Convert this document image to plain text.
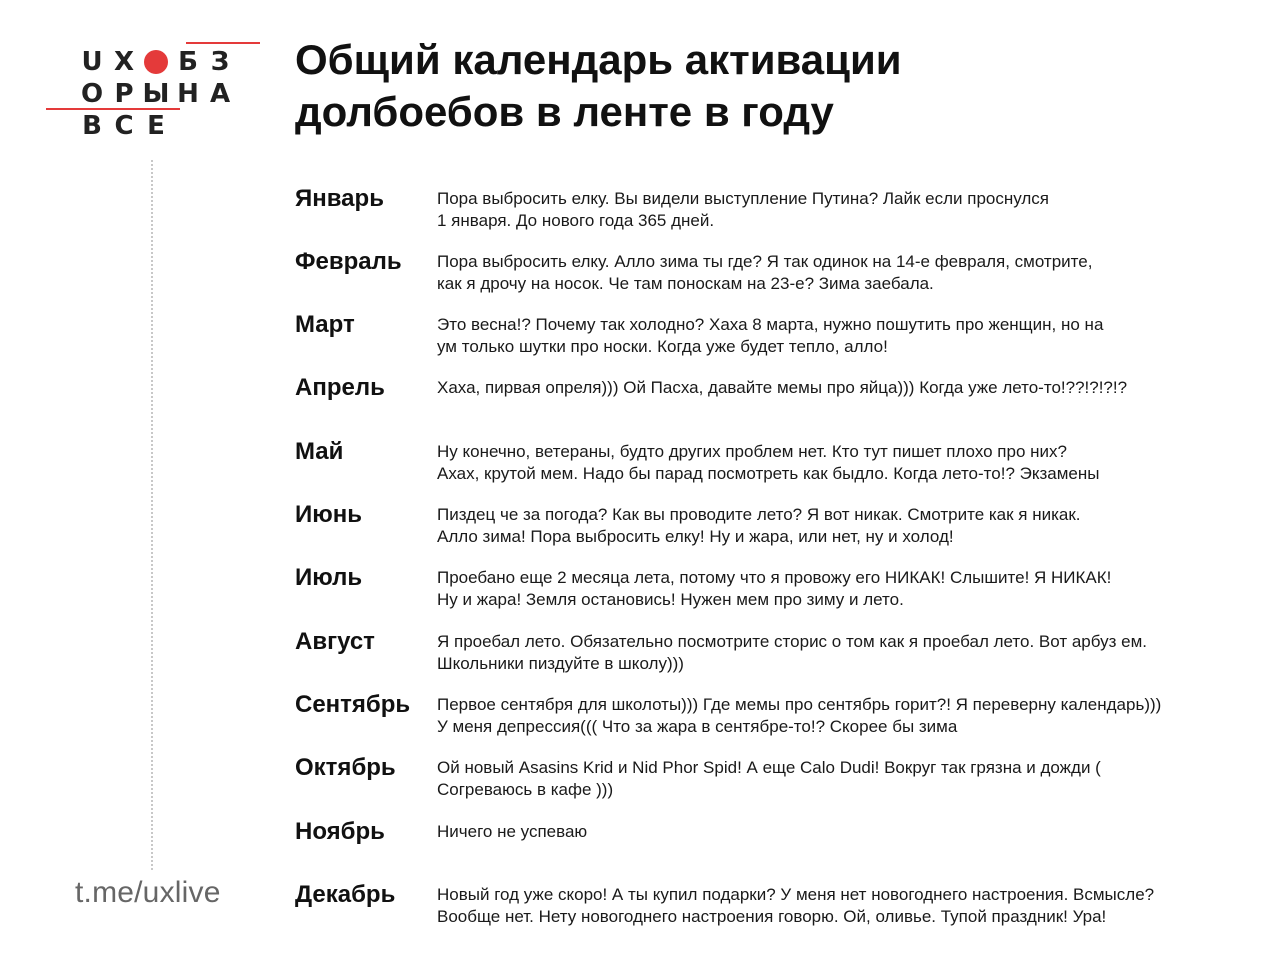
U Х Б З
О Р Ы Н А
В С Е
t.me/uxlive
Общий календарь активации долбоебов в ленте в году
Январь	Пора выбросить елку. Вы видели выступление Путина? Лайк если проснулся
1 января. До нового года 365 дней.
Февраль	Пора выбросить елку. Алло зима ты где? Я так одинок на 14-е февраля, смотрите,
как я дрочу на носок. Че там поноскам на 23-е? Зима заебала.
Март	Это весна!? Почему так холодно? Хаха 8 марта, нужно пошутить про женщин, но на
ум только шутки про носки. Когда уже будет тепло, алло!
Апрель	Хаха, пирвая опреля))) Ой Пасха, давайте мемы про яйца))) Когда уже лето-то!??!?!?!?
Май	Ну конечно, ветераны, будто других проблем нет. Кто тут пишет плохо про них?
Ахах, крутой мем. Надо бы парад посмотреть как быдло. Когда лето-то!? Экзамены
Июнь	Пиздец че за погода? Как вы проводите лето? Я вот никак. Смотрите как я никак.
Алло зима! Пора выбросить елку! Ну и жара, или нет, ну и холод!
Июль	Проебано еще 2 месяца лета, потому что я провожу его НИКАК! Слышите! Я НИКАК!
Ну и жара! Земля остановись! Нужен мем про зиму и лето.
Август	Я проебал лето. Обязательно посмотрите сторис о том как я проебал лето. Вот арбуз ем.
Школьники пиздуйте в школу)))
Сентябрь	Первое сентября для школоты))) Где мемы про сентябрь горит?! Я переверну календарь)))
У меня депрессия((( Что за жара в сентябре-то!? Скорее бы зима
Октябрь	Ой новый Asasins Krid и Nid Phor Spid! А еще Calo Dudi! Вокруг так грязна и дожди (
Согреваюсь в кафе )))
Ноябрь	Ничего не успеваю
Декабрь	Новый год уже скоро! А ты купил подарки? У меня нет новогоднего настроения. Всмысле?
Вообще нет. Нету новогоднего настроения говорю. Ой, оливье. Тупой праздник! Ура!
